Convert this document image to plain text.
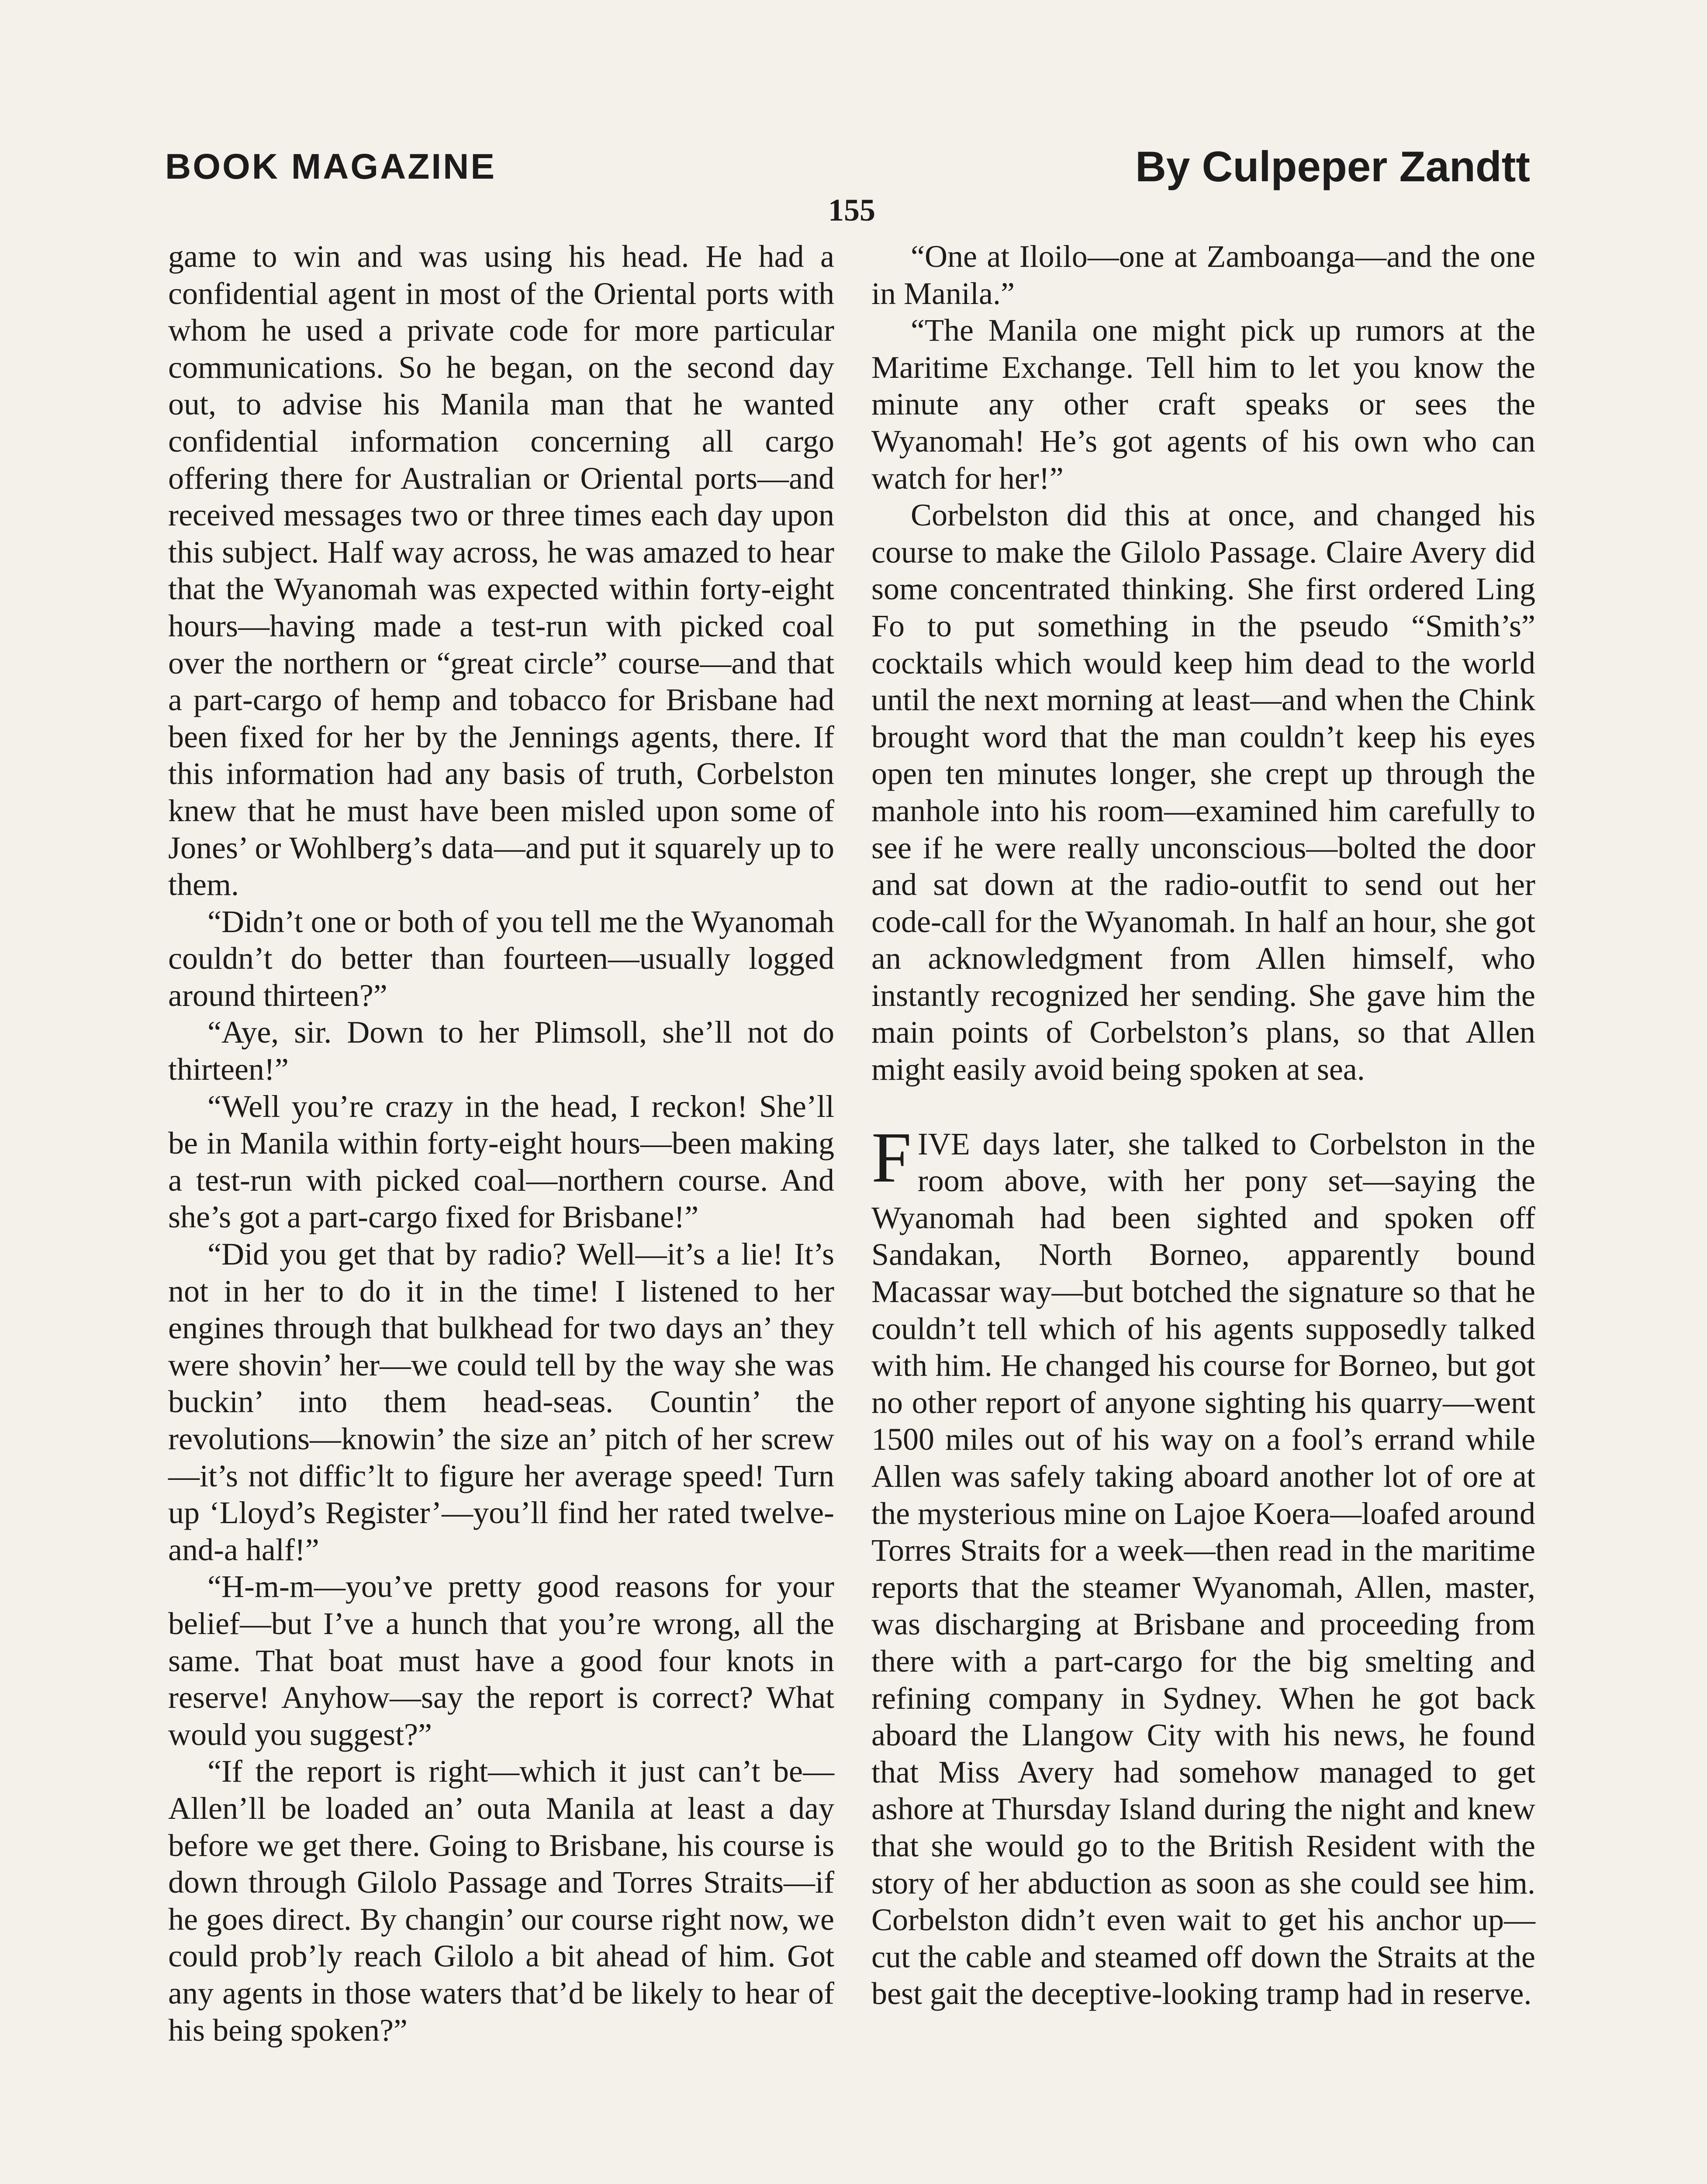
BOOK MAGAZINE	By Culpeper Zandtt
155

game to win and was using his head. He had a confidential agent in most of the Oriental ports with whom he used a private code for more particular communications. So he began, on the second day out, to advise his Manila man that he wanted confidential information concerning all cargo offering there for Australian or Oriental ports—and received messages two or three times each day upon this subject. Half way across, he was amazed to hear that the Wyanomah was expected within forty-eight hours—having made a test-run with picked coal over the northern or “great circle” course—and that a part-cargo of hemp and tobacco for Brisbane had been fixed for her by the Jennings agents, there. If this information had any basis of truth, Corbelston knew that he must have been misled upon some of Jones’ or Wohlberg’s data—and put it squarely up to them.

“Didn’t one or both of you tell me the Wyanomah couldn’t do better than fourteen—usually logged around thirteen?”

“Aye, sir. Down to her Plimsoll, she’ll not do thirteen!”

“Well you’re crazy in the head, I reckon! She’ll be in Manila within forty-eight hours—been making a test-run with picked coal—northern course. And she’s got a part-cargo fixed for Brisbane!”

“Did you get that by radio? Well—it’s a lie! It’s not in her to do it in the time! I listened to her engines through that bulkhead for two days an’ they were shovin’ her—we could tell by the way she was buckin’ into them head-seas. Countin’ the revolutions—knowin’ the size an’ pitch of her screw—it’s not diffic’lt to figure her average speed! Turn up ‘Lloyd’s Register’—you’ll find her rated twelve-and-a half!”

“H-m-m—you’ve pretty good reasons for your belief—but I’ve a hunch that you’re wrong, all the same. That boat must have a good four knots in reserve! Anyhow—say the report is correct? What would you suggest?”

“If the report is right—which it just can’t be—Allen’ll be loaded an’ outa Manila at least a day before we get there. Going to Brisbane, his course is down through Gilolo Passage and Torres Straits—if he goes direct. By changin’ our course right now, we could prob’ly reach Gilolo a bit ahead of him. Got any agents in those waters that’d be likely to hear of his being spoken?”

“One at Iloilo—one at Zamboanga—and the one in Manila.”

“The Manila one might pick up rumors at the Maritime Exchange. Tell him to let you know the minute any other craft speaks or sees the Wyanomah! He’s got agents of his own who can watch for her!”

Corbelston did this at once, and changed his course to make the Gilolo Passage. Claire Avery did some concentrated thinking. She first ordered Ling Fo to put something in the pseudo “Smith’s” cocktails which would keep him dead to the world until the next morning at least—and when the Chink brought word that the man couldn’t keep his eyes open ten minutes longer, she crept up through the manhole into his room—examined him carefully to see if he were really unconscious—bolted the door and sat down at the radio-outfit to send out her code-call for the Wyanomah. In half an hour, she got an acknowledgment from Allen himself, who instantly recognized her sending. She gave him the main points of Corbelston’s plans, so that Allen might easily avoid being spoken at sea.

FIVE days later, she talked to Corbelston in the room above, with her pony set—saying the Wyanomah had been sighted and spoken off Sandakan, North Borneo, apparently bound Macassar way—but botched the signature so that he couldn’t tell which of his agents supposedly talked with him. He changed his course for Borneo, but got no other report of anyone sighting his quarry—went 1500 miles out of his way on a fool’s errand while Allen was safely taking aboard another lot of ore at the mysterious mine on Lajoe Koera—loafed around Torres Straits for a week—then read in the maritime reports that the steamer Wyanomah, Allen, master, was discharging at Brisbane and proceeding from there with a part-cargo for the big smelting and refining company in Sydney. When he got back aboard the Llangow City with his news, he found that Miss Avery had somehow managed to get ashore at Thursday Island during the night and knew that she would go to the British Resident with the story of her abduction as soon as she could see him. Corbelston didn’t even wait to get his anchor up—cut the cable and steamed off down the Straits at the best gait the deceptive-looking tramp had in reserve.
